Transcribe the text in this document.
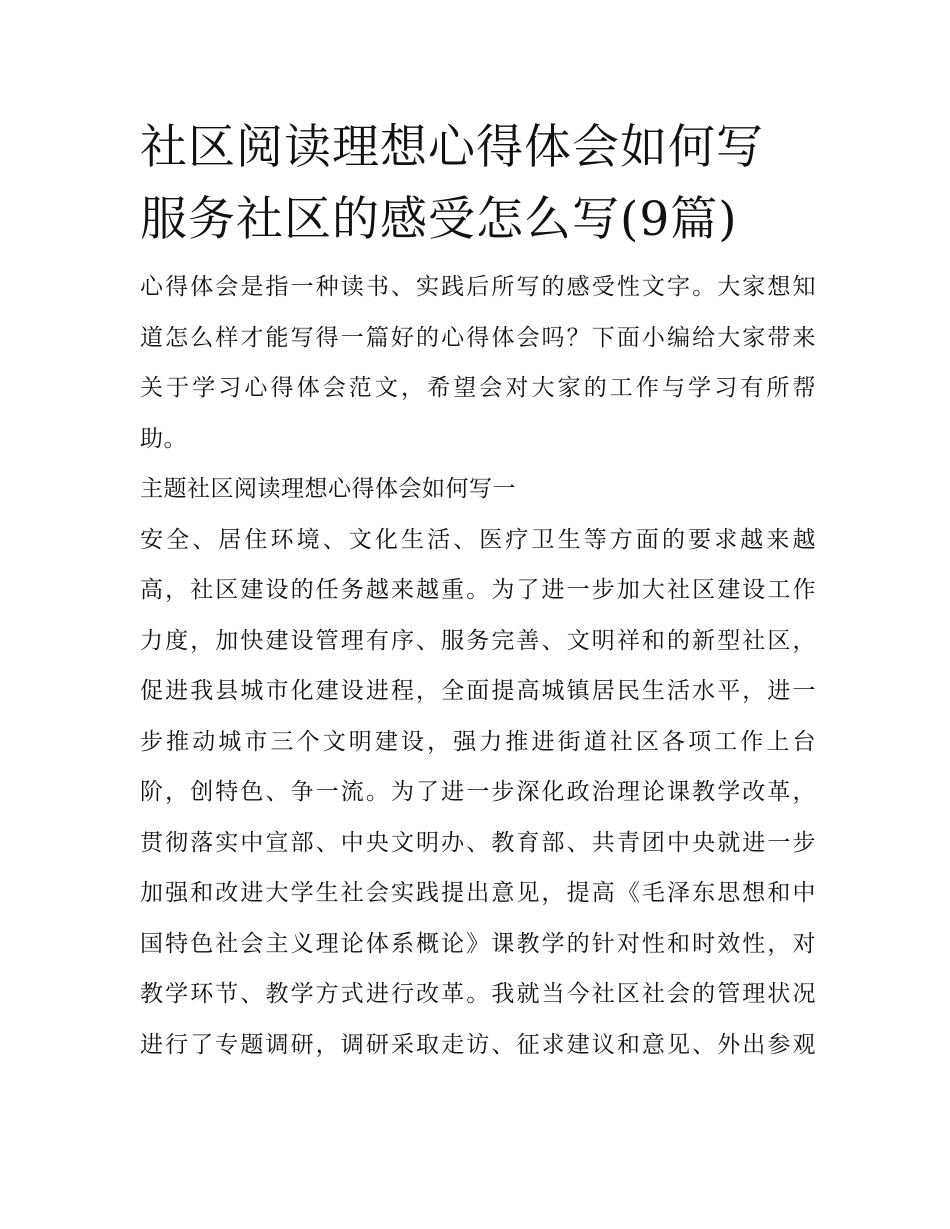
社区阅读理想心得体会如何写
服务社区的感受怎么写(9篇)
心得体会是指一种读书、实践后所写的感受性文字。大家想知
道怎么样才能写得一篇好的心得体会吗？下面小编给大家带来
关于学习心得体会范文，希望会对大家的工作与学习有所帮
助。
主题社区阅读理想心得体会如何写一
安全、居住环境、文化生活、医疗卫生等方面的要求越来越
高，社区建设的任务越来越重。为了进一步加大社区建设工作
力度，加快建设管理有序、服务完善、文明祥和的新型社区，
促进我县城市化建设进程，全面提高城镇居民生活水平，进一
步推动城市三个文明建设，强力推进街道社区各项工作上台
阶，创特色、争一流。为了进一步深化政治理论课教学改革，
贯彻落实中宣部、中央文明办、教育部、共青团中央就进一步
加强和改进大学生社会实践提出意见，提高《毛泽东思想和中
国特色社会主义理论体系概论》课教学的针对性和时效性，对
教学环节、教学方式进行改革。我就当今社区社会的管理状况
进行了专题调研，调研采取走访、征求建议和意见、外出参观
